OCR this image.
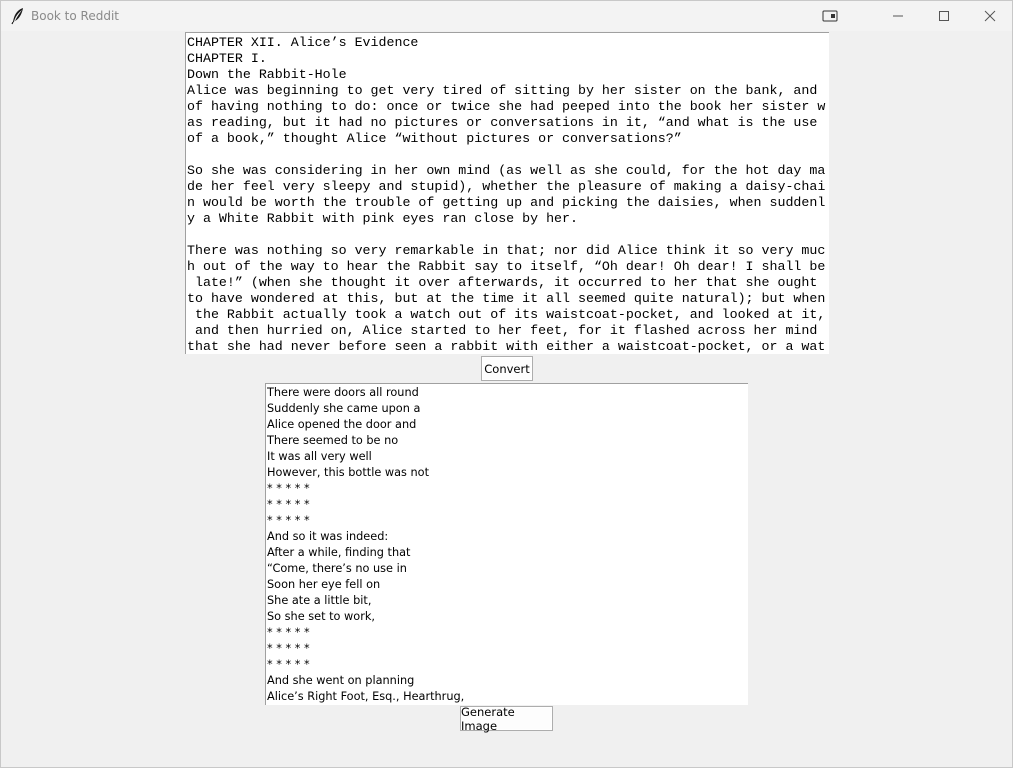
Book to Reddit
CHAPTER XII. Alice’s Evidence
CHAPTER I.
Down the Rabbit-Hole
Alice was beginning to get very tired of sitting by her sister on the bank, and
of having nothing to do: once or twice she had peeped into the book her sister w
as reading, but it had no pictures or conversations in it, “and what is the use
of a book,” thought Alice “without pictures or conversations?”
So she was considering in her own mind (as well as she could, for the hot day ma
de her feel very sleepy and stupid), whether the pleasure of making a daisy-chai
n would be worth the trouble of getting up and picking the daisies, when suddenl
y a White Rabbit with pink eyes ran close by her.
There was nothing so very remarkable in that; nor did Alice think it so very muc
h out of the way to hear the Rabbit say to itself, “Oh dear! Oh dear! I shall be
late!” (when she thought it over afterwards, it occurred to her that she ought
to have wondered at this, but at the time it all seemed quite natural); but when
the Rabbit actually took a watch out of its waistcoat-pocket, and looked at it,
and then hurried on, Alice started to her feet, for it flashed across her mind
that she had never before seen a rabbit with either a waistcoat-pocket, or a wat
Convert
There were doors all round
Suddenly she came upon a
Alice opened the door and
There seemed to be no
It was all very well
However, this bottle was not
* * * * *
* * * * *
* * * * *
And so it was indeed:
After a while, finding that
“Come, there’s no use in
Soon her eye fell on
She ate a little bit,
So she set to work,
* * * * *
* * * * *
* * * * *
And she went on planning
Alice’s Right Foot, Esq., Hearthrug,
Generate Image
